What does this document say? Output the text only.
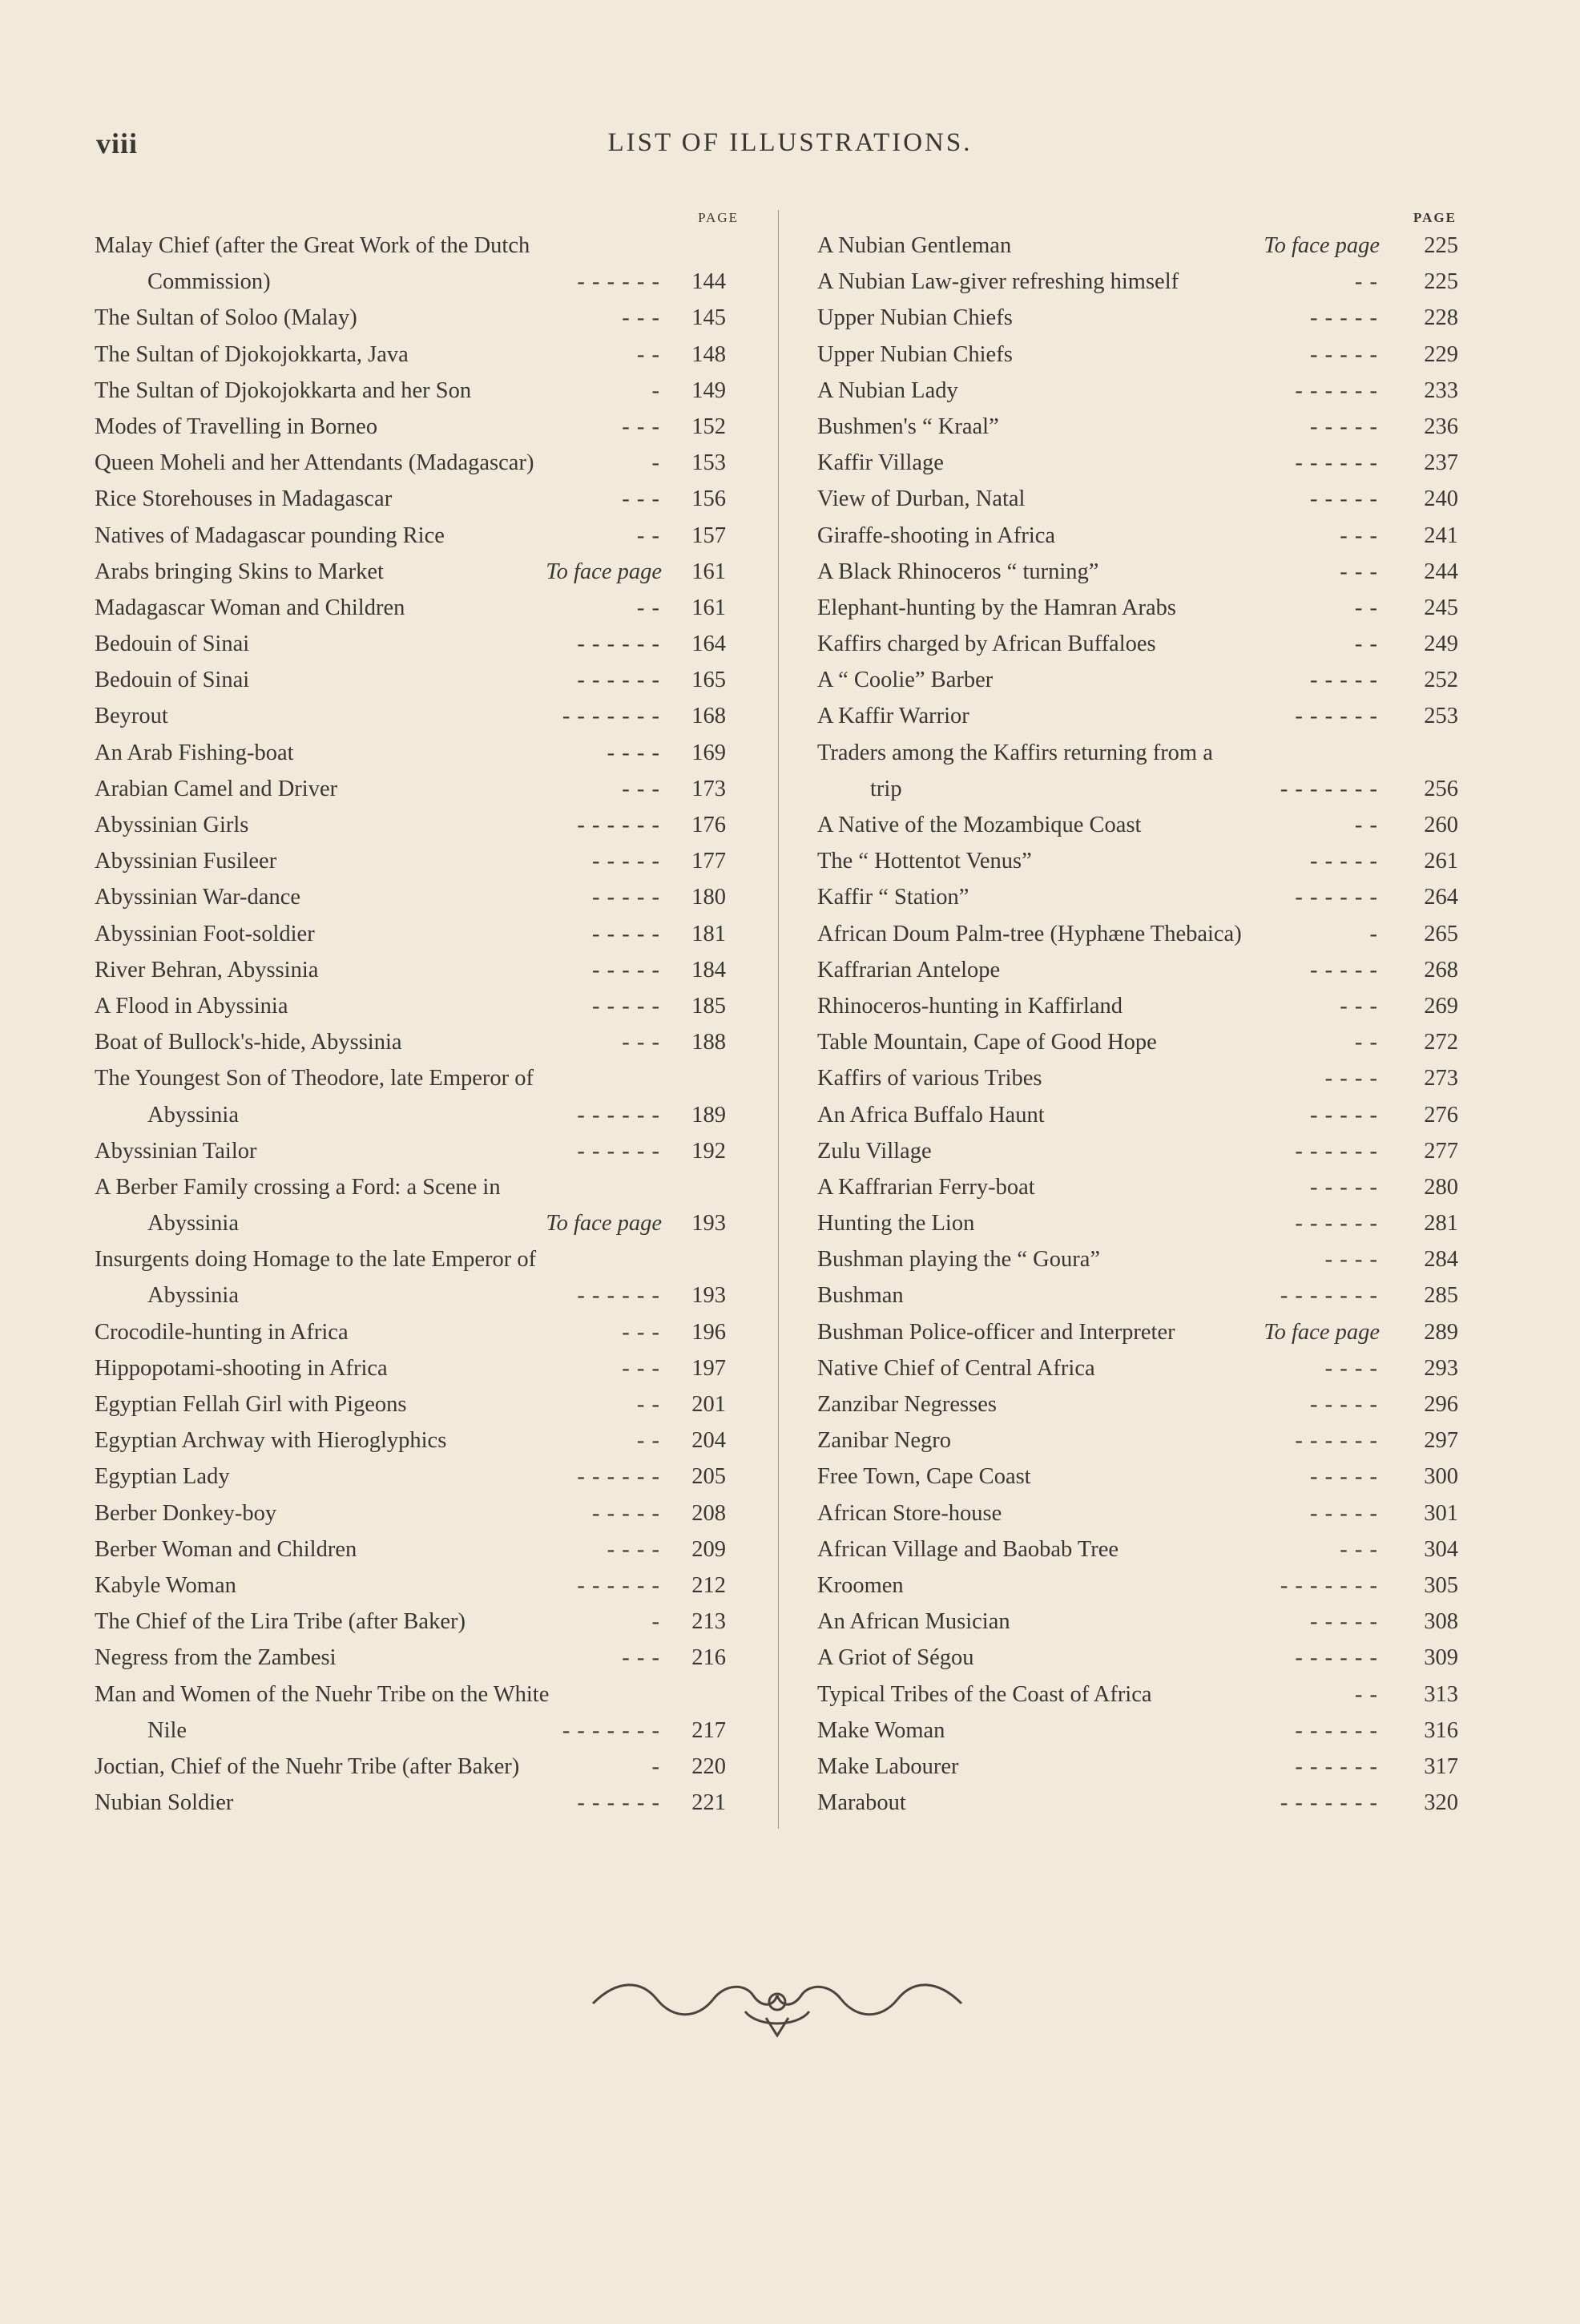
viii	LIST OF ILLUSTRATIONS.
PAGE
Malay Chief (after the Great Work of the Dutch
Commission)	- - - - - - 144
The Sultan of Soloo (Malay)	- - - 145
The Sultan of Djokojokkarta, Java	- - 148
The Sultan of Djokojokkarta and her Son	- 149
Modes of Travelling in Borneo	- - - 152
Queen Moheli and her Attendants (Madagascar)	- 153
Rice Storehouses in Madagascar	- - - 156
Natives of Madagascar pounding Rice	- - 157
Arabs bringing Skins to Market	To face page 161
Madagascar Woman and Children	- - 161
Bedouin of Sinai	- - - - - - 164
Bedouin of Sinai	- - - - - - 165
Beyrout	- - - - - - - 168
An Arab Fishing-boat	- - - - 169
Arabian Camel and Driver	- - - 173
Abyssinian Girls	- - - - - - 176
Abyssinian Fusileer	- - - - - 177
Abyssinian War-dance	- - - - - 180
Abyssinian Foot-soldier	- - - - - 181
River Behran, Abyssinia	- - - - - 184
A Flood in Abyssinia	- - - - - 185
Boat of Bullock's-hide, Abyssinia	- - - 188
The Youngest Son of Theodore, late Emperor of
Abyssinia	- - - - - - 189
Abyssinian Tailor	- - - - - - 192
A Berber Family crossing a Ford: a Scene in
Abyssinia	To face page 193
Insurgents doing Homage to the late Emperor of
Abyssinia	- - - - - - 193
Crocodile-hunting in Africa	- - - 196
Hippopotami-shooting in Africa	- - - 197
Egyptian Fellah Girl with Pigeons	- - 201
Egyptian Archway with Hieroglyphics	- - 204
Egyptian Lady	- - - - - - 205
Berber Donkey-boy	- - - - - 208
Berber Woman and Children	- - - - 209
Kabyle Woman	- - - - - - 212
The Chief of the Lira Tribe (after Baker)	- 213
Negress from the Zambesi	- - - 216
Man and Women of the Nuehr Tribe on the White
Nile	- - - - - - - 217
Joctian, Chief of the Nuehr Tribe (after Baker)	- 220
Nubian Soldier	- - - - - - 221
PAGE
A Nubian Gentleman	To face page 225
A Nubian Law-giver refreshing himself	- - 225
Upper Nubian Chiefs	- - - - - 228
Upper Nubian Chiefs	- - - - - 229
A Nubian Lady	- - - - - - 233
Bushmen's “ Kraal”	- - - - - 236
Kaffir Village	- - - - - - 237
View of Durban, Natal	- - - - - 240
Giraffe-shooting in Africa	- - - 241
A Black Rhinoceros “ turning”	- - - 244
Elephant-hunting by the Hamran Arabs	- - 245
Kaffirs charged by African Buffaloes	- - 249
A “ Coolie” Barber	- - - - - 252
A Kaffir Warrior	- - - - - - 253
Traders among the Kaffirs returning from a
trip	- - - - - - - 256
A Native of the Mozambique Coast	- - 260
The “ Hottentot Venus”	- - - - - 261
Kaffir “ Station”	- - - - - - 264
African Doum Palm-tree (Hyphæne Thebaica)	- 265
Kaffrarian Antelope	- - - - - 268
Rhinoceros-hunting in Kaffirland	- - - 269
Table Mountain, Cape of Good Hope	- - 272
Kaffirs of various Tribes	- - - - 273
An Africa Buffalo Haunt	- - - - - 276
Zulu Village	- - - - - - 277
A Kaffrarian Ferry-boat	- - - - - 280
Hunting the Lion	- - - - - - 281
Bushman playing the “ Goura”	- - - - 284
Bushman	- - - - - - - 285
Bushman Police-officer and Interpreter	To face page 289
Native Chief of Central Africa	- - - - 293
Zanzibar Negresses	- - - - - 296
Zanibar Negro	- - - - - - 297
Free Town, Cape Coast	- - - - - 300
African Store-house	- - - - - 301
African Village and Baobab Tree	- - - 304
Kroomen	- - - - - - - 305
An African Musician	- - - - - 308
A Griot of Ségou	- - - - - - 309
Typical Tribes of the Coast of Africa	- - 313
Make Woman	- - - - - - 316
Make Labourer	- - - - - - 317
Marabout	- - - - - - - 320
